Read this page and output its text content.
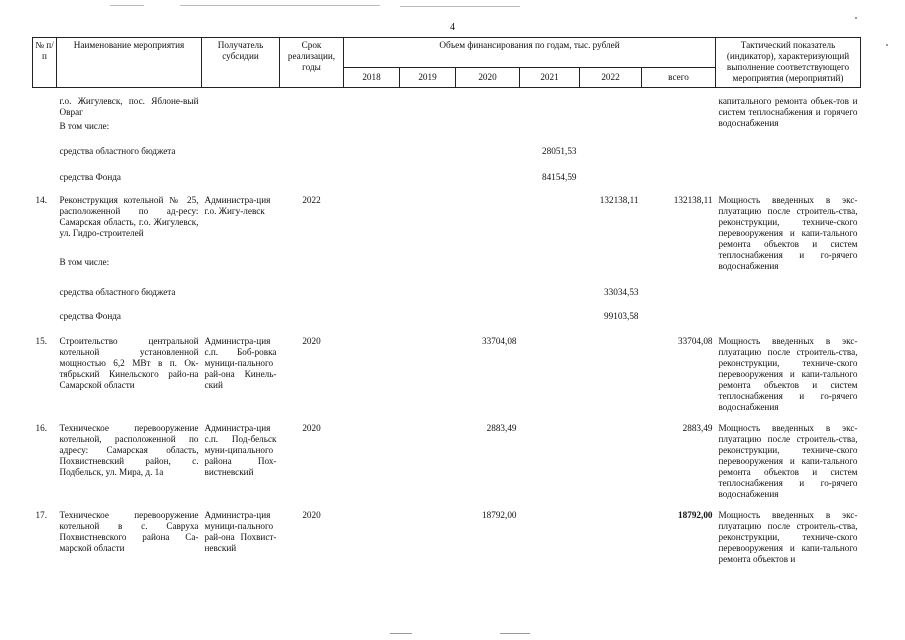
4
№ п/п	Наименование мероприятия	Получатель субсидии	Срок реализации, годы	Объем финансирования по годам, тыс. рублей						Тактический показатель (индикатор), характеризующий выполнение соответствующего мероприятия (мероприятий)
				2018	2019	2020	2021	2022	всего	
	г.о. Жигулевск, пос. Яблоне-вый Овраг									капитального ремонта объек-тов и систем теплоснабжения и горячего водоснабжения
	В том числе:									
	средства областного бюджета						28051,53			
	средства Фонда						84154,59			
14.	Реконструкция котельной № 25, расположенной по ад-ресу: Самарская область, г.о. Жигулевск, ул. Гидро-строителей	Администра-ция г.о. Жигу-левск	2022					132138,11	132138,11	Мощность введенных в экс-плуатацию после строитель-ства, реконструкции, техниче-ского перевооружения и капи-тального ремонта объектов и систем теплоснабжения и го-рячего водоснабжения
	В том числе:									
	средства областного бюджета							33034,53		
	средства Фонда							99103,58		
15.	Строительство центральной котельной установленной мощностью 6,2 МВт в п. Ок-тябрьский Кинельского райо-на Самарской области	Администра-ция с.п. Боб-ровка муници-пального рай-она Кинель-ский	2020			33704,08			33704,08	Мощность введенных в экс-плуатацию после строитель-ства, реконструкции, техниче-ского перевооружения и капи-тального ремонта объектов и систем теплоснабжения и го-рячего водоснабжения
16.	Техническое перевооружение котельной, расположенной по адресу: Самарская область, Похвистневский район, с. Подбельск, ул. Мира, д. 1а	Администра-ция с.п. Под-бельск муни-ципального района Пох-вистневский	2020			2883,49			2883,49	Мощность введенных в экс-плуатацию после строитель-ства, реконструкции, техниче-ского перевооружения и капи-тального ремонта объектов и систем теплоснабжения и го-рячего водоснабжения
17.	Техническое перевооружение котельной в с. Савруха Похвистневского района Са-марской области	Администра-ция муници-пального рай-она Похвист-невский	2020			18792,00			18792,00	Мощность введенных в экс-плуатацию после строитель-ства, реконструкции, техниче-ского перевооружения и капи-тального ремонта объектов и
